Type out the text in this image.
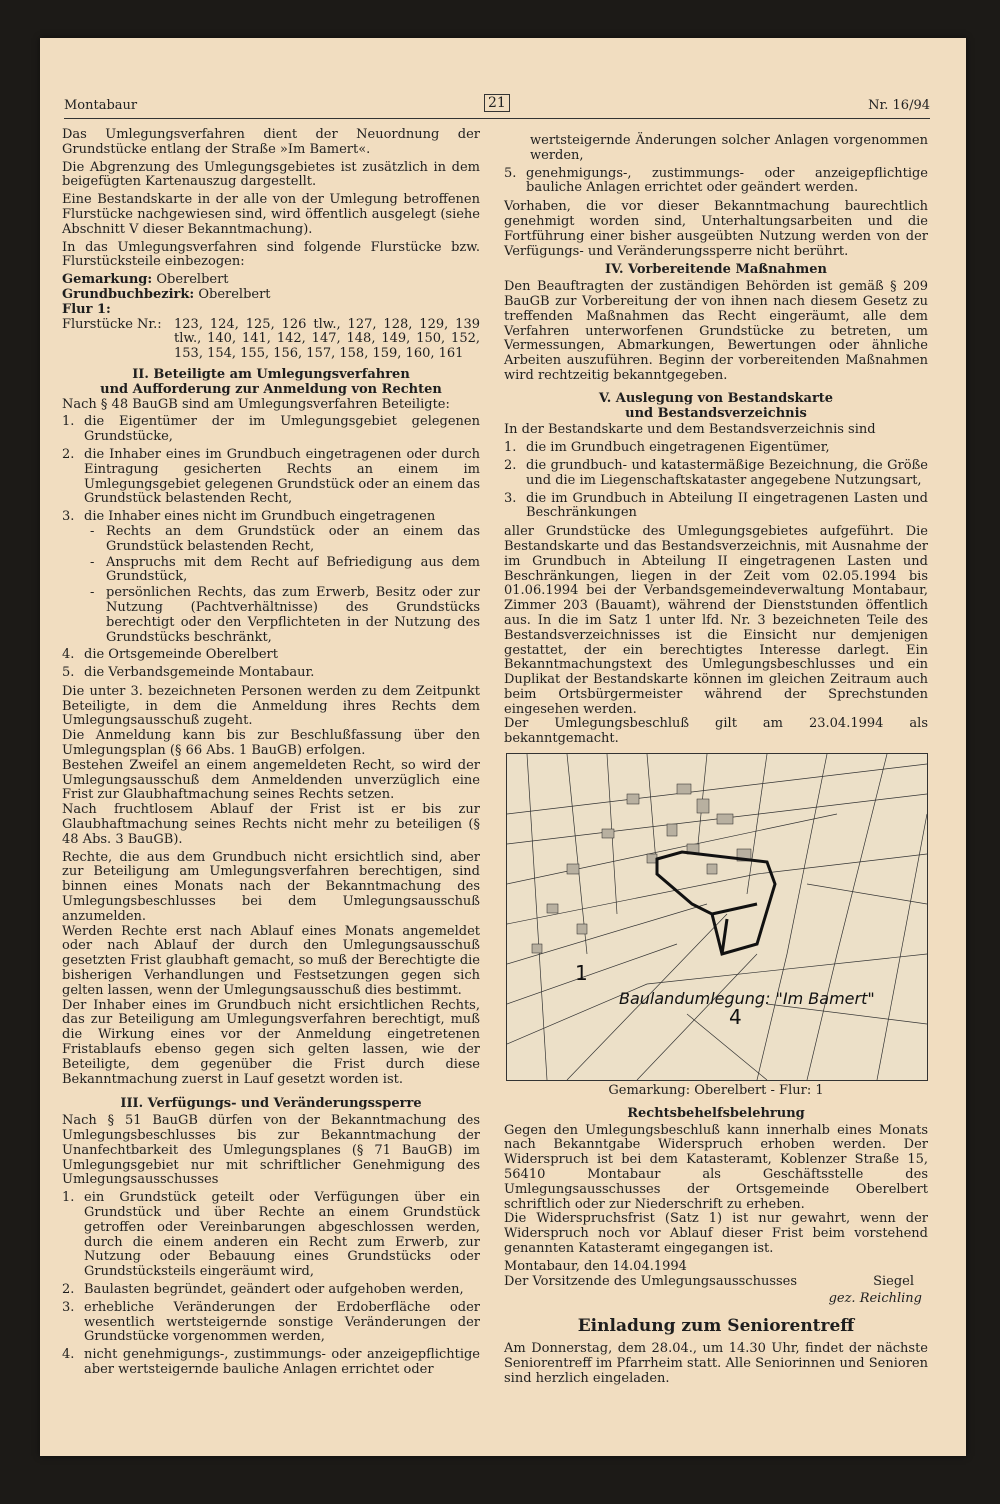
Montabaur	21	Nr. 16/94

Das Umlegungsverfahren dient der Neuordnung der Grundstücke entlang der Straße »Im Bamert«.

Die Abgrenzung des Umlegungsgebietes ist zusätzlich in dem beigefügten Kartenauszug dargestellt.

Eine Bestandskarte in der alle von der Umlegung betroffenen Flurstücke nachgewiesen sind, wird öffentlich ausgelegt (siehe Abschnitt V dieser Bekanntmachung).

In das Umlegungsverfahren sind folgende Flurstücke bzw. Flurstücksteile einbezogen:

Gemarkung: Oberelbert
Grundbuchbezirk: Oberelbert
Flur 1:
Flurstücke Nr.: 123, 124, 125, 126 tlw., 127, 128, 129, 139 tlw., 140, 141, 142, 147, 148, 149, 150, 152, 153, 154, 155, 156, 157, 158, 159, 160, 161
II. Beteiligte am Umlegungsverfahren
und Aufforderung zur Anmeldung von Rechten

Nach § 48 BauGB sind am Umlegungsverfahren Beteiligte:

1. die Eigentümer der im Umlegungsgebiet gelegenen Grundstücke,
2. die Inhaber eines im Grundbuch eingetragenen oder durch Eintragung gesicherten Rechts an einem im Umlegungsgebiet gelegenen Grundstück oder an einem das Grundstück belastenden Recht,
3. die Inhaber eines nicht im Grundbuch eingetragenen
- Rechts an dem Grundstück oder an einem das Grundstück belastenden Recht,
- Anspruchs mit dem Recht auf Befriedigung aus dem Grundstück,
- persönlichen Rechts, das zum Erwerb, Besitz oder zur Nutzung (Pachtverhältnisse) des Grundstücks berechtigt oder den Verpflichteten in der Nutzung des Grundstücks beschränkt,
4. die Ortsgemeinde Oberelbert
5. die Verbandsgemeinde Montabaur.

Die unter 3. bezeichneten Personen werden zu dem Zeitpunkt Beteiligte, in dem die Anmeldung ihres Rechts dem Umlegungsausschuß zugeht.

Die Anmeldung kann bis zur Beschlußfassung über den Umlegungsplan (§ 66 Abs. 1 BauGB) erfolgen.

Bestehen Zweifel an einem angemeldeten Recht, so wird der Umlegungsausschuß dem Anmeldenden unverzüglich eine Frist zur Glaubhaftmachung seines Rechts setzen.

Nach fruchtlosem Ablauf der Frist ist er bis zur Glaubhaftmachung seines Rechts nicht mehr zu beteiligen (§ 48 Abs. 3 BauGB).

Rechte, die aus dem Grundbuch nicht ersichtlich sind, aber zur Beteiligung am Umlegungsverfahren berechtigen, sind binnen eines Monats nach der Bekanntmachung des Umlegungsbeschlusses bei dem Umlegungsausschuß anzumelden.

Werden Rechte erst nach Ablauf eines Monats angemeldet oder nach Ablauf der durch den Umlegungsausschuß gesetzten Frist glaubhaft gemacht, so muß der Berechtigte die bisherigen Verhandlungen und Festsetzungen gegen sich gelten lassen, wenn der Umlegungsausschuß dies bestimmt.

Der Inhaber eines im Grundbuch nicht ersichtlichen Rechts, das zur Beteiligung am Umlegungsverfahren berechtigt, muß die Wirkung eines vor der Anmeldung eingetretenen Fristablaufs ebenso gegen sich gelten lassen, wie der Beteiligte, dem gegenüber die Frist durch diese Bekanntmachung zuerst in Lauf gesetzt worden ist.

III. Verfügungs- und Veränderungssperre

Nach § 51 BauGB dürfen von der Bekanntmachung des Umlegungsbeschlusses bis zur Bekanntmachung der Unanfechtbarkeit des Umlegungsplanes (§ 71 BauGB) im Umlegungsgebiet nur mit schriftlicher Genehmigung des Umlegungsausschusses

1. ein Grundstück geteilt oder Verfügungen über ein Grundstück und über Rechte an einem Grundstück getroffen oder Vereinbarungen abgeschlossen werden, durch die einem anderen ein Recht zum Erwerb, zur Nutzung oder Bebauung eines Grundstücks oder Grundstücksteils eingeräumt wird,
2. Baulasten begründet, geändert oder aufgehoben werden,
3. erhebliche Veränderungen der Erdoberfläche oder wesentlich wertsteigernde sonstige Veränderungen der Grundstücke vorgenommen werden,
4. nicht genehmigungs-, zustimmungs- oder anzeigepflichtige aber wertsteigernde bauliche Anlagen errichtet oder

wertsteigernde Änderungen solcher Anlagen vorgenommen werden,

5. genehmigungs-, zustimmungs- oder anzeigepflichtige bauliche Anlagen errichtet oder geändert werden.

Vorhaben, die vor dieser Bekanntmachung baurechtlich genehmigt worden sind, Unterhaltungsarbeiten und die Fortführung einer bisher ausgeübten Nutzung werden von der Verfügungs- und Veränderungssperre nicht berührt.

IV. Vorbereitende Maßnahmen

Den Beauftragten der zuständigen Behörden ist gemäß § 209 BauGB zur Vorbereitung der von ihnen nach diesem Gesetz zu treffenden Maßnahmen das Recht eingeräumt, alle dem Verfahren unterworfenen Grundstücke zu betreten, um Vermessungen, Abmarkungen, Bewertungen oder ähnliche Arbeiten auszuführen. Beginn der vorbereitenden Maßnahmen wird rechtzeitig bekanntgegeben.

V. Auslegung von Bestandskarte
und Bestandsverzeichnis

In der Bestandskarte und dem Bestandsverzeichnis sind

1. die im Grundbuch eingetragenen Eigentümer,
2. die grundbuch- und katastermäßige Bezeichnung, die Größe und die im Liegenschaftskataster angegebene Nutzungsart,
3. die im Grundbuch in Abteilung II eingetragenen Lasten und Beschränkungen

aller Grundstücke des Umlegungsgebietes aufgeführt. Die Bestandskarte und das Bestandsverzeichnis, mit Ausnahme der im Grundbuch in Abteilung II eingetragenen Lasten und Beschränkungen, liegen in der Zeit vom 02.05.1994 bis 01.06.1994 bei der Verbandsgemeindeverwaltung Montabaur, Zimmer 203 (Bauamt), während der Dienststunden öffentlich aus. In die im Satz 1 unter lfd. Nr. 3 bezeichneten Teile des Bestandsverzeichnisses ist die Einsicht nur demjenigen gestattet, der ein berechtigtes Interesse darlegt. Ein Bekanntmachungstext des Umlegungsbeschlusses und ein Duplikat der Bestandskarte können im gleichen Zeitraum auch beim Ortsbürgermeister während der Sprechstunden eingesehen werden.

Der Umlegungsbeschluß gilt am 23.04.1994 als bekanntgemacht.

1
4
Baulandumlegung: "Im Bamert"
Gemarkung: Oberelbert - Flur: 1
Rechtsbehelfsbelehrung

Gegen den Umlegungsbeschluß kann innerhalb eines Monats nach Bekanntgabe Widerspruch erhoben werden. Der Widerspruch ist bei dem Katasteramt, Koblenzer Straße 15, 56410 Montabaur als Geschäftsstelle des Umlegungsausschusses der Ortsgemeinde Oberelbert schriftlich oder zur Niederschrift zu erheben.

Die Widerspruchsfrist (Satz 1) ist nur gewahrt, wenn der Widerspruch noch vor Ablauf dieser Frist beim vorstehend genannten Katasteramt eingegangen ist.

Montabaur, den 14.04.1994
Der Vorsitzende des Umlegungsausschusses	Siegel
gez. Reichling
Einladung zum Seniorentreff

Am Donnerstag, dem 28.04., um 14.30 Uhr, findet der nächste Seniorentreff im Pfarrheim statt. Alle Seniorinnen und Senioren sind herzlich eingeladen.
